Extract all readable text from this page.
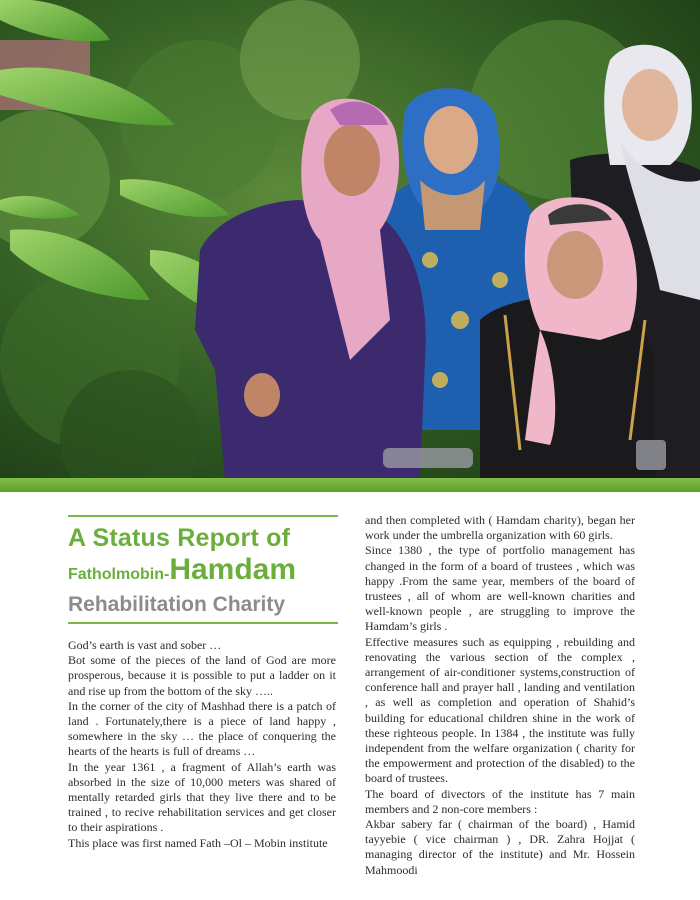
A Status Report of
Fatholmobin-Hamdam
Rehabilitation Charity

God’s earth is vast and sober …

Bot some of the pieces of the land of God are more prosperous, because it is possible to put a ladder on it and rise up from the bottom of the sky …..

In the corner of the city of Mashhad there is a patch of land . Fortunately,there is a piece of land happy , somewhere in the sky … the place of conquering the hearts of the hearts is full of dreams …

In the year 1361 , a fragment of Allah’s earth was absorbed in the size of 10,000 meters was shared of mentally retarded girls that they live there and to be trained , to recive rehabilitation services and get closer to their aspirations .

This place was first named Fath –Ol – Mobin institute

and then completed with ( Hamdam charity), began her work under the umbrella organization with 60 girls.

Since 1380 , the type of portfolio management has changed in the form of a board of trustees , which was happy .From the same year, members of the board of trustees , all of whom are well-known charities and well-known people , are struggling to improve the Hamdam’s girls .

Effective measures such as equipping , rebuilding and renovating the various section of the complex , arrangement of air-conditioner systems,construction of conference hall and prayer hall , landing and ventilation , as well as completion and operation of Shahid’s building for educational children shine in the work of these righteous people. In 1384 , the institute was fully independent from the welfare organization ( charity for the empowerment and protection of the disabled) to the board of trustees.

The board of divectors of the institute has 7 main members and 2 non-core members :

Akbar sabery far ( chairman of the board) , Hamid tayyebie ( vice chairman ) , DR. Zahra Hojjat ( managing director of the institute) and Mr. Hossein Mahmoodi
